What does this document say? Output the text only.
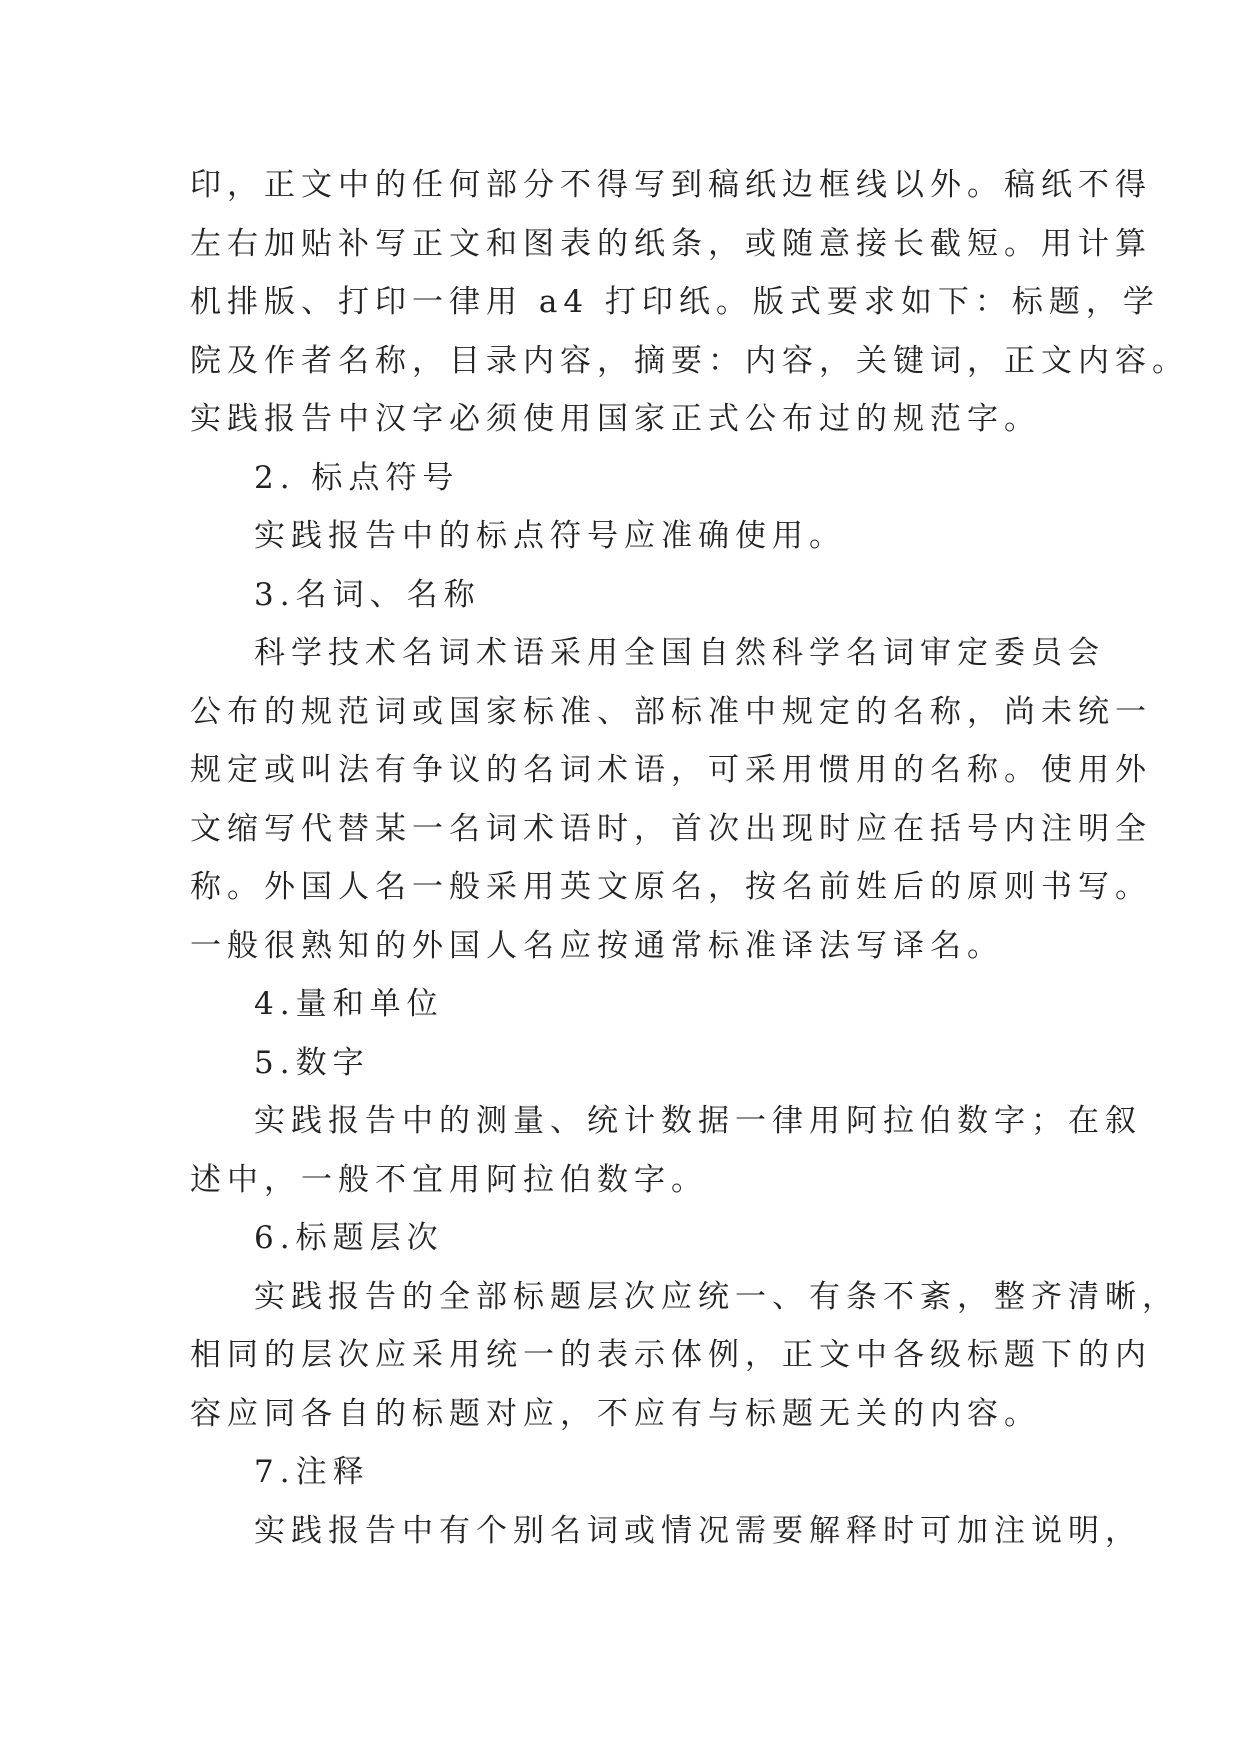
印，正文中的任何部分不得写到稿纸边框线以外。稿纸不得
左右加贴补写正文和图表的纸条，或随意接长截短。用计算
机排版、打印一律用 a4 打印纸。版式要求如下：标题，学
院及作者名称，目录内容，摘要：内容，关键词，正文内容。
实践报告中汉字必须使用国家正式公布过的规范字。
2. 标点符号
实践报告中的标点符号应准确使用。
3.名词、名称
科学技术名词术语采用全国自然科学名词审定委员会
公布的规范词或国家标准、部标准中规定的名称，尚未统一
规定或叫法有争议的名词术语，可采用惯用的名称。使用外
文缩写代替某一名词术语时，首次出现时应在括号内注明全
称。外国人名一般采用英文原名，按名前姓后的原则书写。
一般很熟知的外国人名应按通常标准译法写译名。
4.量和单位
5.数字
实践报告中的测量、统计数据一律用阿拉伯数字；在叙
述中，一般不宜用阿拉伯数字。
6.标题层次
实践报告的全部标题层次应统一、有条不紊，整齐清晰，
相同的层次应采用统一的表示体例，正文中各级标题下的内
容应同各自的标题对应，不应有与标题无关的内容。
7.注释
实践报告中有个别名词或情况需要解释时可加注说明，
